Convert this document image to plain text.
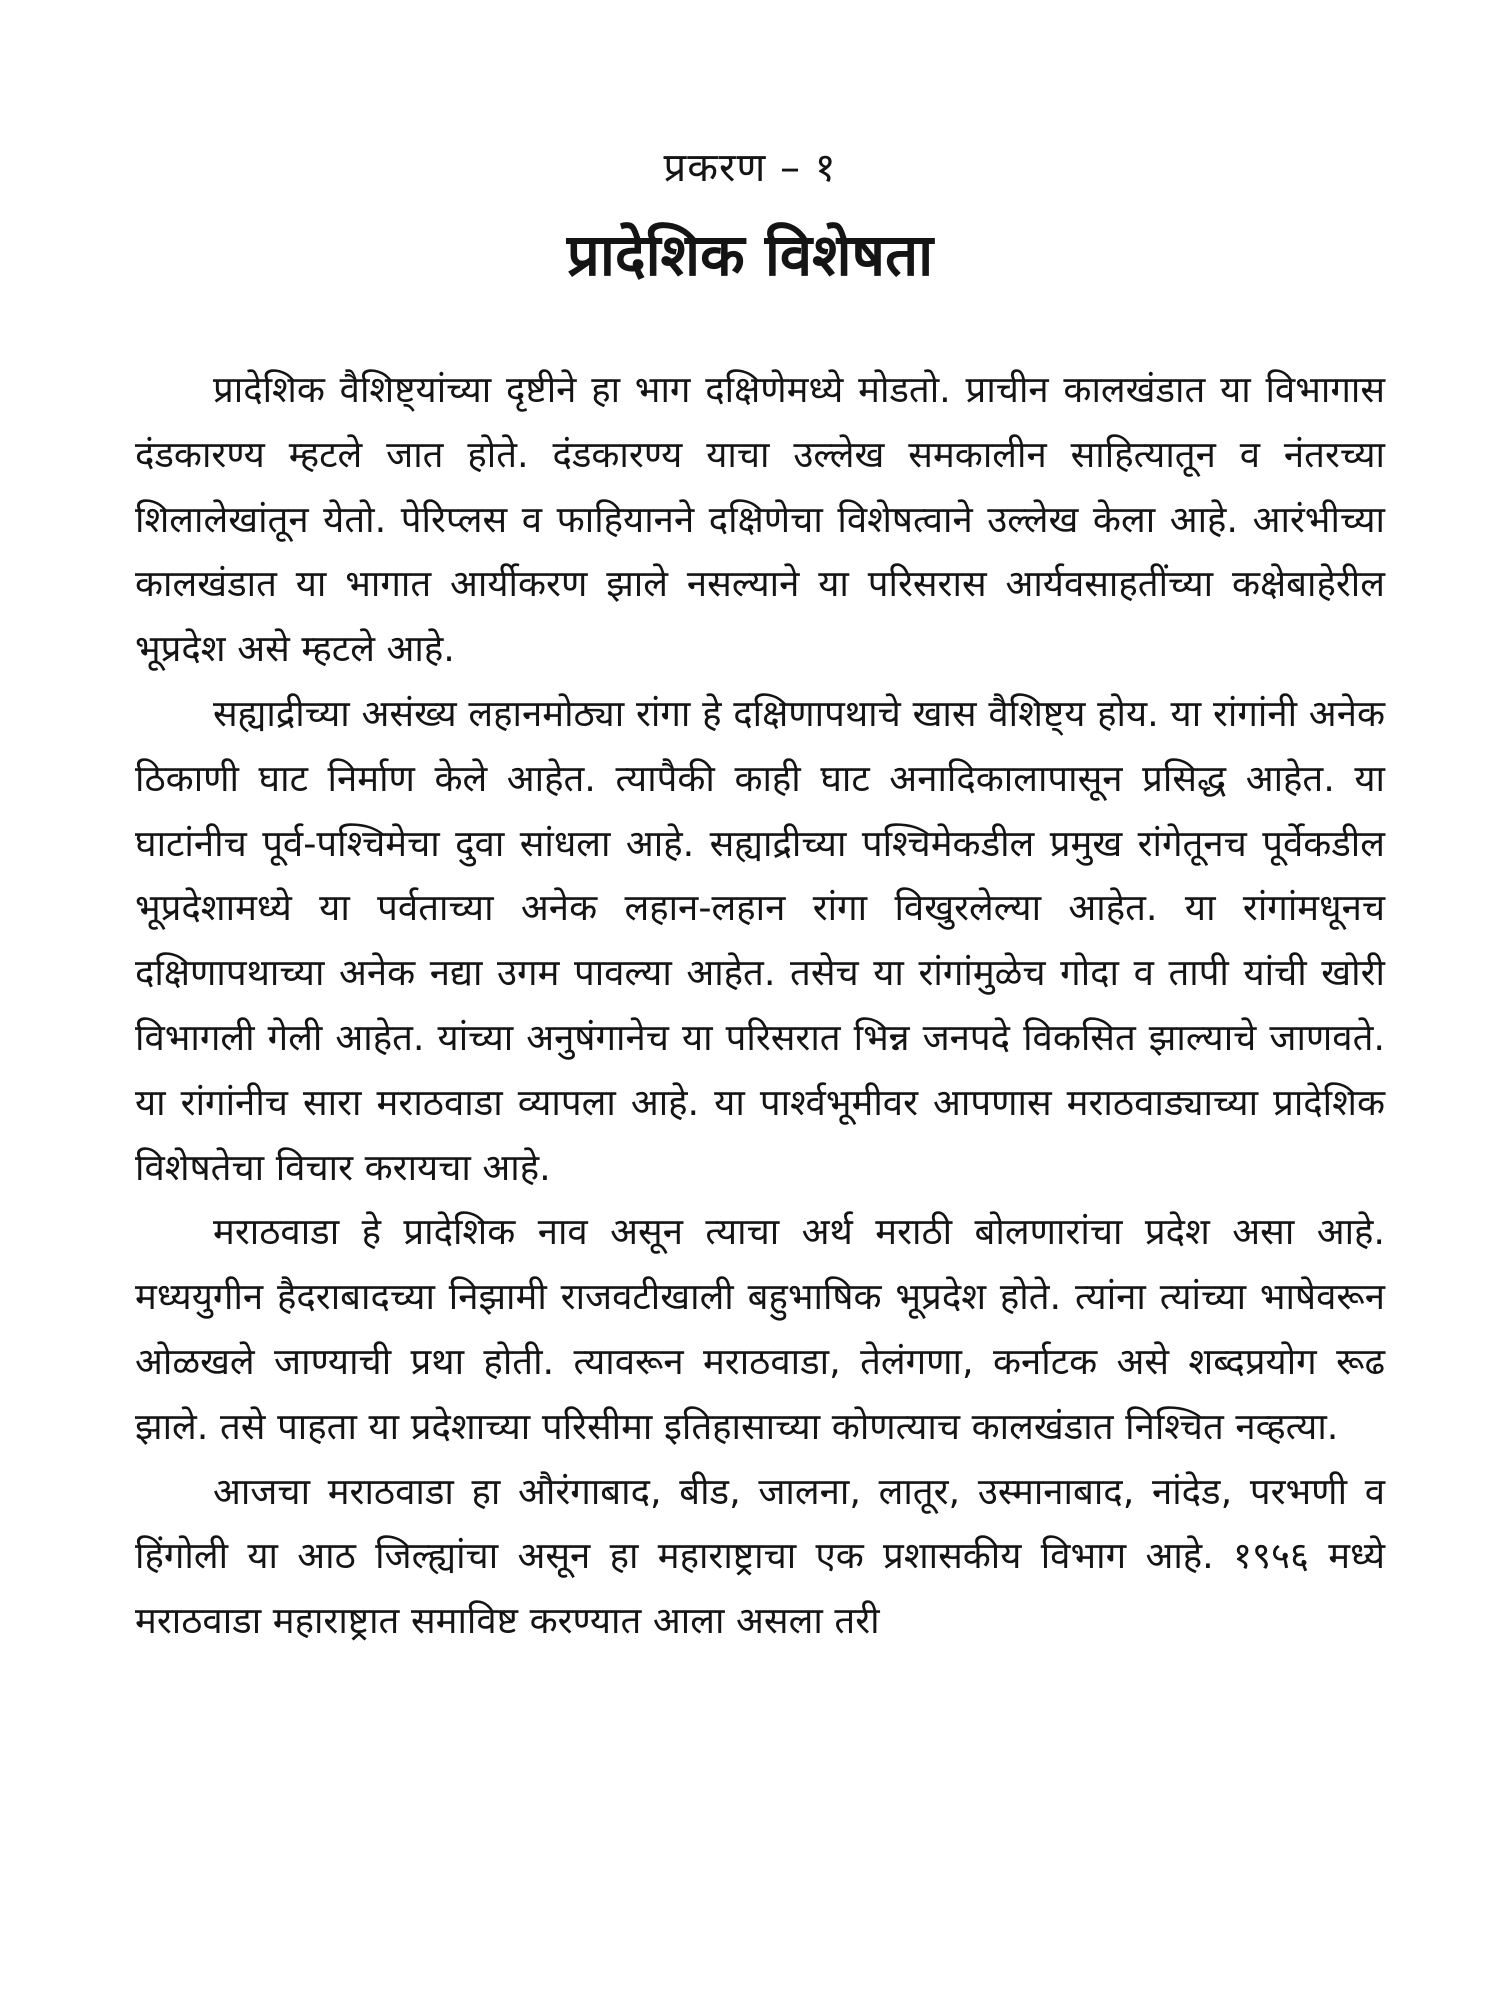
प्रकरण – १
प्रादेशिक विशेषता

प्रादेशिक वैशिष्ट्यांच्या दृष्टीने हा भाग दक्षिणेमध्ये मोडतो. प्राचीन कालखंडात या विभागास दंडकारण्य म्हटले जात होते. दंडकारण्य याचा उल्लेख समकालीन साहित्यातून व नंतरच्या शिलालेखांतून येतो. पेरिप्लस व फाहियानने दक्षिणेचा विशेषत्वाने उल्लेख केला आहे. आरंभीच्या कालखंडात या भागात आर्यीकरण झाले नसल्याने या परिसरास आर्यवसाहतींच्या कक्षेबाहेरील भूप्रदेश असे म्हटले आहे.

सह्याद्रीच्या असंख्य लहानमोठ्या रांगा हे दक्षिणापथाचे खास वैशिष्ट्य होय. या रांगांनी अनेक ठिकाणी घाट निर्माण केले आहेत. त्यापैकी काही घाट अनादिकालापासून प्रसिद्ध आहेत. या घाटांनीच पूर्व-पश्चिमेचा दुवा सांधला आहे. सह्याद्रीच्या पश्चिमेकडील प्रमुख रांगेतूनच पूर्वेकडील भूप्रदेशामध्ये या पर्वताच्या अनेक लहान-लहान रांगा विखुरलेल्या आहेत. या रांगांमधूनच दक्षिणापथाच्या अनेक नद्या उगम पावल्या आहेत. तसेच या रांगांमुळेच गोदा व तापी यांची खोरी विभागली गेली आहेत. यांच्या अनुषंगानेच या परिसरात भिन्न जनपदे विकसित झाल्याचे जाणवते. या रांगांनीच सारा मराठवाडा व्यापला आहे. या पार्श्वभूमीवर आपणास मराठवाड्याच्या प्रादेशिक विशेषतेचा विचार करायचा आहे.

मराठवाडा हे प्रादेशिक नाव असून त्याचा अर्थ मराठी बोलणारांचा प्रदेश असा आहे. मध्ययुगीन हैदराबादच्या निझामी राजवटीखाली बहुभाषिक भूप्रदेश होते. त्यांना त्यांच्या भाषेवरून ओळखले जाण्याची प्रथा होती. त्यावरून मराठवाडा, तेलंगणा, कर्नाटक असे शब्दप्रयोग रूढ झाले. तसे पाहता या प्रदेशाच्या परिसीमा इतिहासाच्या कोणत्याच कालखंडात निश्चित नव्हत्या.

आजचा मराठवाडा हा औरंगाबाद, बीड, जालना, लातूर, उस्मानाबाद, नांदेड, परभणी व हिंगोली या आठ जिल्ह्यांचा असून हा महाराष्ट्राचा एक प्रशासकीय विभाग आहे. १९५६ मध्ये मराठवाडा महाराष्ट्रात समाविष्ट करण्यात आला असला तरी
